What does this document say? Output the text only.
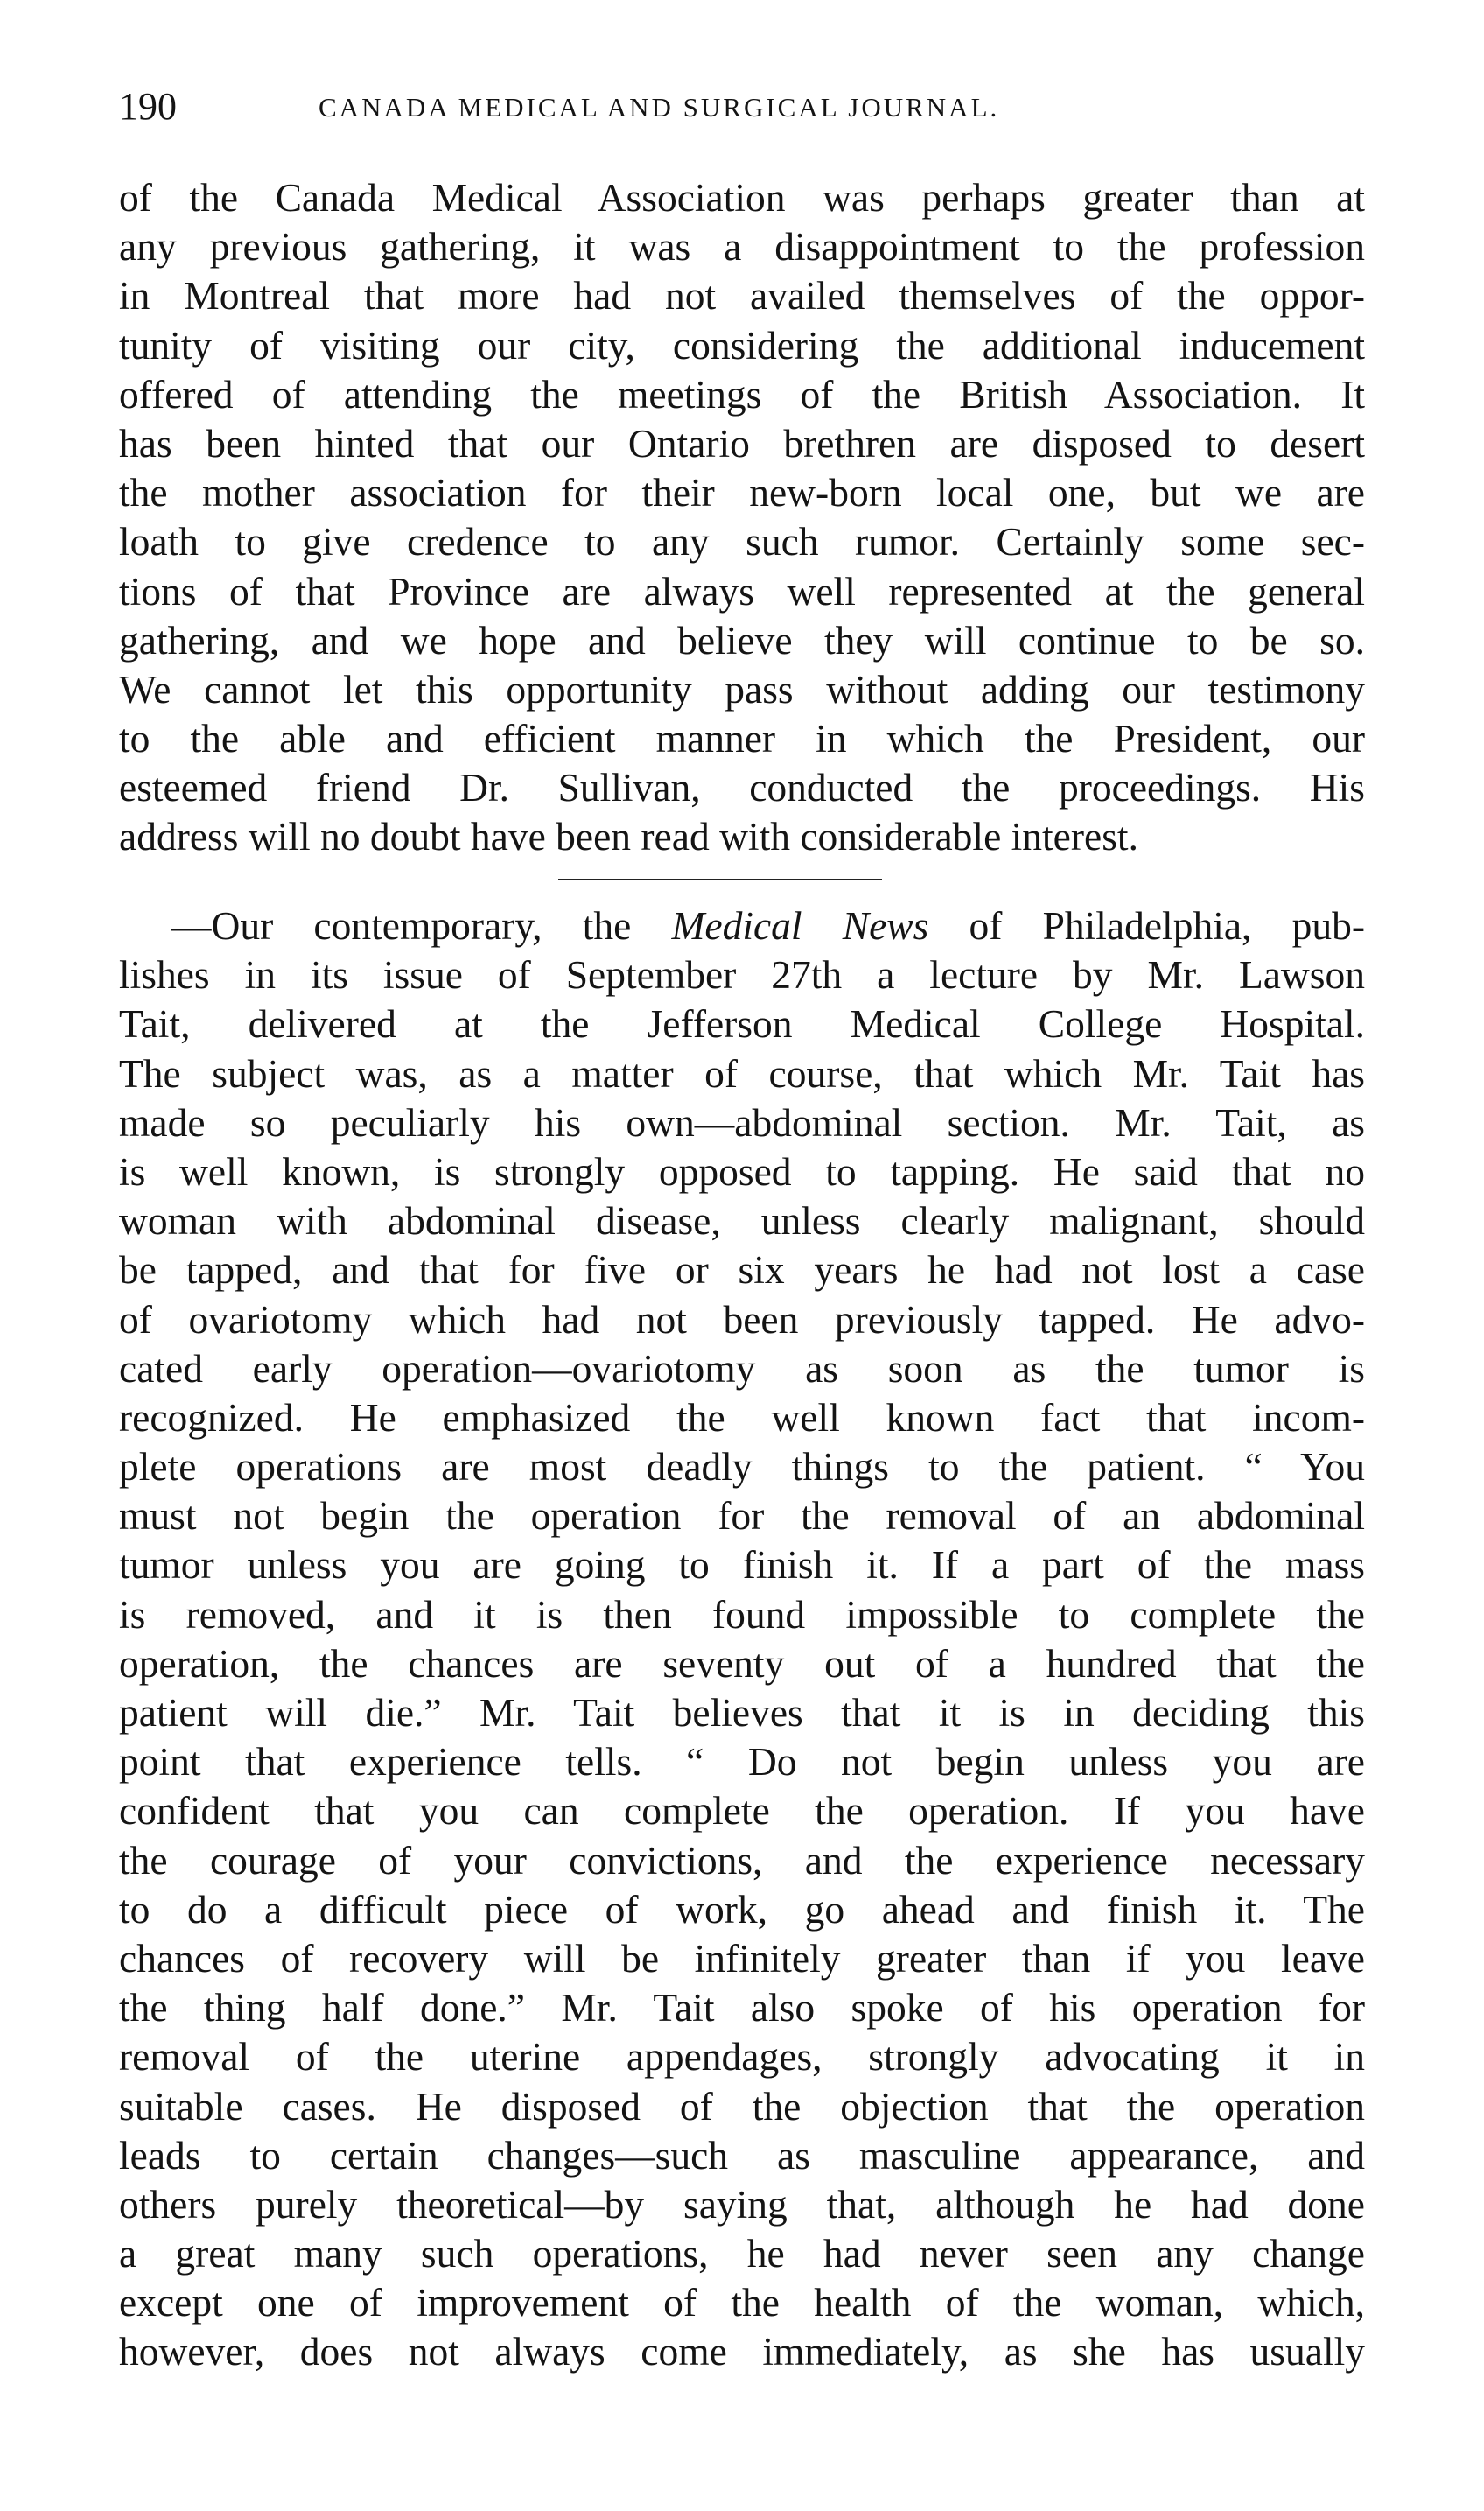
190	CANADA MEDICAL AND SURGICAL JOURNAL.
of the Canada Medical Association was perhaps greater than at
any previous gathering, it was a disappointment to the profession
in Montreal that more had not availed themselves of the oppor-
tunity of visiting our city, considering the additional inducement
offered of attending the meetings of the British Association. It
has been hinted that our Ontario brethren are disposed to desert
the mother association for their new-born local one, but we are
loath to give credence to any such rumor. Certainly some sec-
tions of that Province are always well represented at the general
gathering, and we hope and believe they will continue to be so.
We cannot let this opportunity pass without adding our testimony
to the able and efficient manner in which the President, our
esteemed friend Dr. Sullivan, conducted the proceedings. His
address will no doubt have been read with considerable interest.
—Our contemporary, the Medical News of Philadelphia, pub-
lishes in its issue of September 27th a lecture by Mr. Lawson
Tait, delivered at the Jefferson Medical College Hospital.
The subject was, as a matter of course, that which Mr. Tait has
made so peculiarly his own—abdominal section. Mr. Tait, as
is well known, is strongly opposed to tapping. He said that no
woman with abdominal disease, unless clearly malignant, should
be tapped, and that for five or six years he had not lost a case
of ovariotomy which had not been previously tapped. He advo-
cated early operation—ovariotomy as soon as the tumor is
recognized. He emphasized the well known fact that incom-
plete operations are most deadly things to the patient. “ You
must not begin the operation for the removal of an abdominal
tumor unless you are going to finish it. If a part of the mass
is removed, and it is then found impossible to complete the
operation, the chances are seventy out of a hundred that the
patient will die.” Mr. Tait believes that it is in deciding this
point that experience tells. “ Do not begin unless you are
confident that you can complete the operation. If you have
the courage of your convictions, and the experience necessary
to do a difficult piece of work, go ahead and finish it. The
chances of recovery will be infinitely greater than if you leave
the thing half done.” Mr. Tait also spoke of his operation for
removal of the uterine appendages, strongly advocating it in
suitable cases. He disposed of the objection that the operation
leads to certain changes—such as masculine appearance, and
others purely theoretical—by saying that, although he had done
a great many such operations, he had never seen any change
except one of improvement of the health of the woman, which,
however, does not always come immediately, as she has usually
